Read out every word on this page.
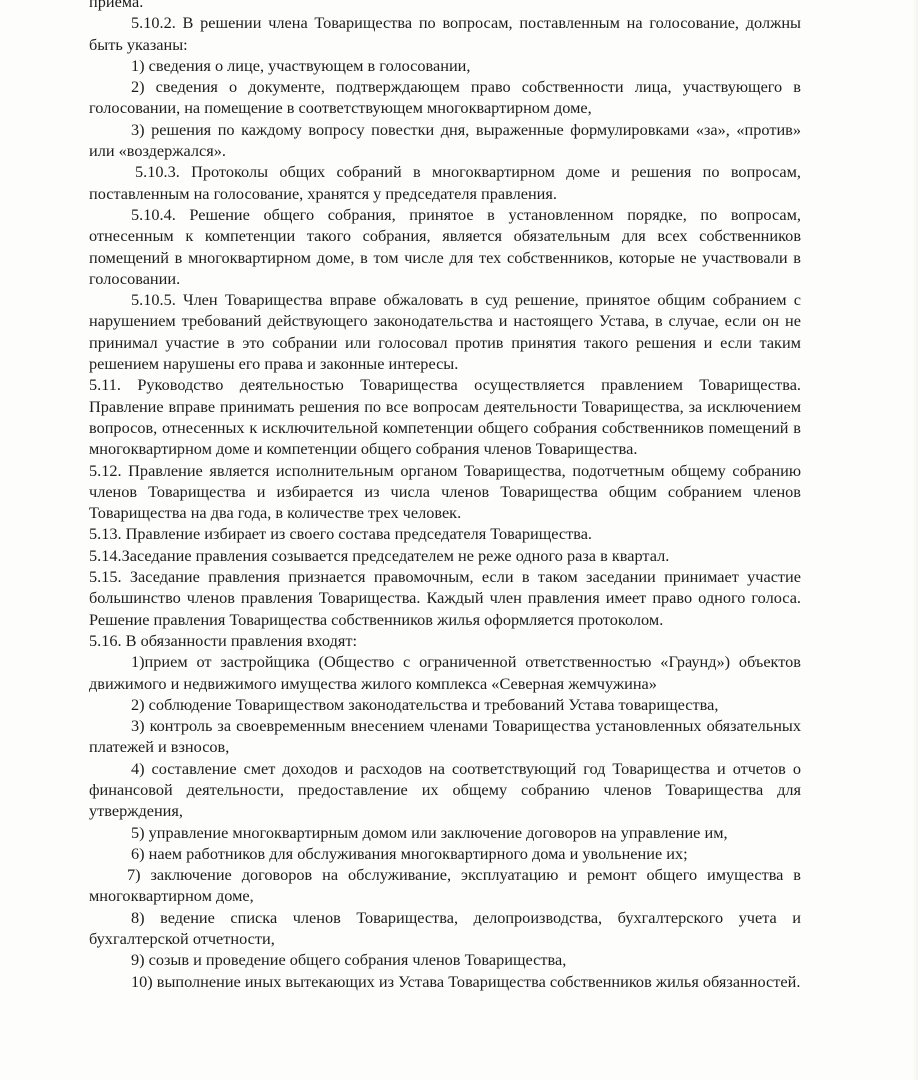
приема.

5.10.2. В решении члена Товарищества по вопросам, поставленным на голосование, должны быть указаны:

1) сведения о лице, участвующем в голосовании,

2) сведения о документе, подтверждающем право собственности лица, участвующего в голосовании, на помещение в соответствующем многоквартирном доме,

3) решения по каждому вопросу повестки дня, выраженные формулировками «за», «против» или «воздержался».

5.10.3. Протоколы общих собраний в многоквартирном доме и решения по вопросам, поставленным на голосование, хранятся у председателя правления.

5.10.4. Решение общего собрания, принятое в установленном порядке, по вопросам, отнесенным к компетенции такого собрания, является обязательным для всех собственников помещений в многоквартирном доме, в том числе для тех собственников, которые не участвовали в голосовании.

5.10.5. Член Товарищества вправе обжаловать в суд решение, принятое общим собранием с нарушением требований действующего законодательства и настоящего Устава, в случае, если он не принимал участие в это собрании или голосовал против принятия такого решения и если таким решением нарушены его права и законные интересы.

5.11. Руководство деятельностью Товарищества осуществляется правлением Товарищества. Правление вправе принимать решения по все вопросам деятельности Товарищества, за исключением вопросов, отнесенных к исключительной компетенции общего собрания собственников помещений в многоквартирном доме и компетенции общего собрания членов Товарищества.

5.12. Правление является исполнительным органом Товарищества, подотчетным общему собранию членов Товарищества и избирается из числа членов Товарищества общим собранием членов Товарищества на два года, в количестве трех человек.

5.13. Правление избирает из своего состава председателя Товарищества.

5.14.Заседание правления созывается председателем не реже одного раза в квартал.

5.15. Заседание правления признается правомочным, если в таком заседании принимает участие большинство членов правления Товарищества. Каждый член правления имеет право одного голоса. Решение правления Товарищества собственников жилья оформляется протоколом.

5.16. В обязанности правления входят:

1)прием от застройщика (Общество с ограниченной ответственностью «Граунд») объектов движимого и недвижимого имущества жилого комплекса «Северная жемчужина»

2) соблюдение Товариществом законодательства и требований Устава товарищества,

3) контроль за своевременным внесением членами Товарищества установленных обязательных платежей и взносов,

4) составление смет доходов и расходов на соответствующий год Товарищества и отчетов о финансовой деятельности, предоставление их общему собранию членов Товарищества для утверждения,

5) управление многоквартирным домом или заключение договоров на управление им,

6) наем работников для обслуживания многоквартирного дома и увольнение их;

7) заключение договоров на обслуживание, эксплуатацию и ремонт общего имущества в многоквартирном доме,

8) ведение списка членов Товарищества, делопроизводства, бухгалтерского учета и бухгалтерской отчетности,

9) созыв и проведение общего собрания членов Товарищества,

10) выполнение иных вытекающих из Устава Товарищества собственников жилья обязанностей.
